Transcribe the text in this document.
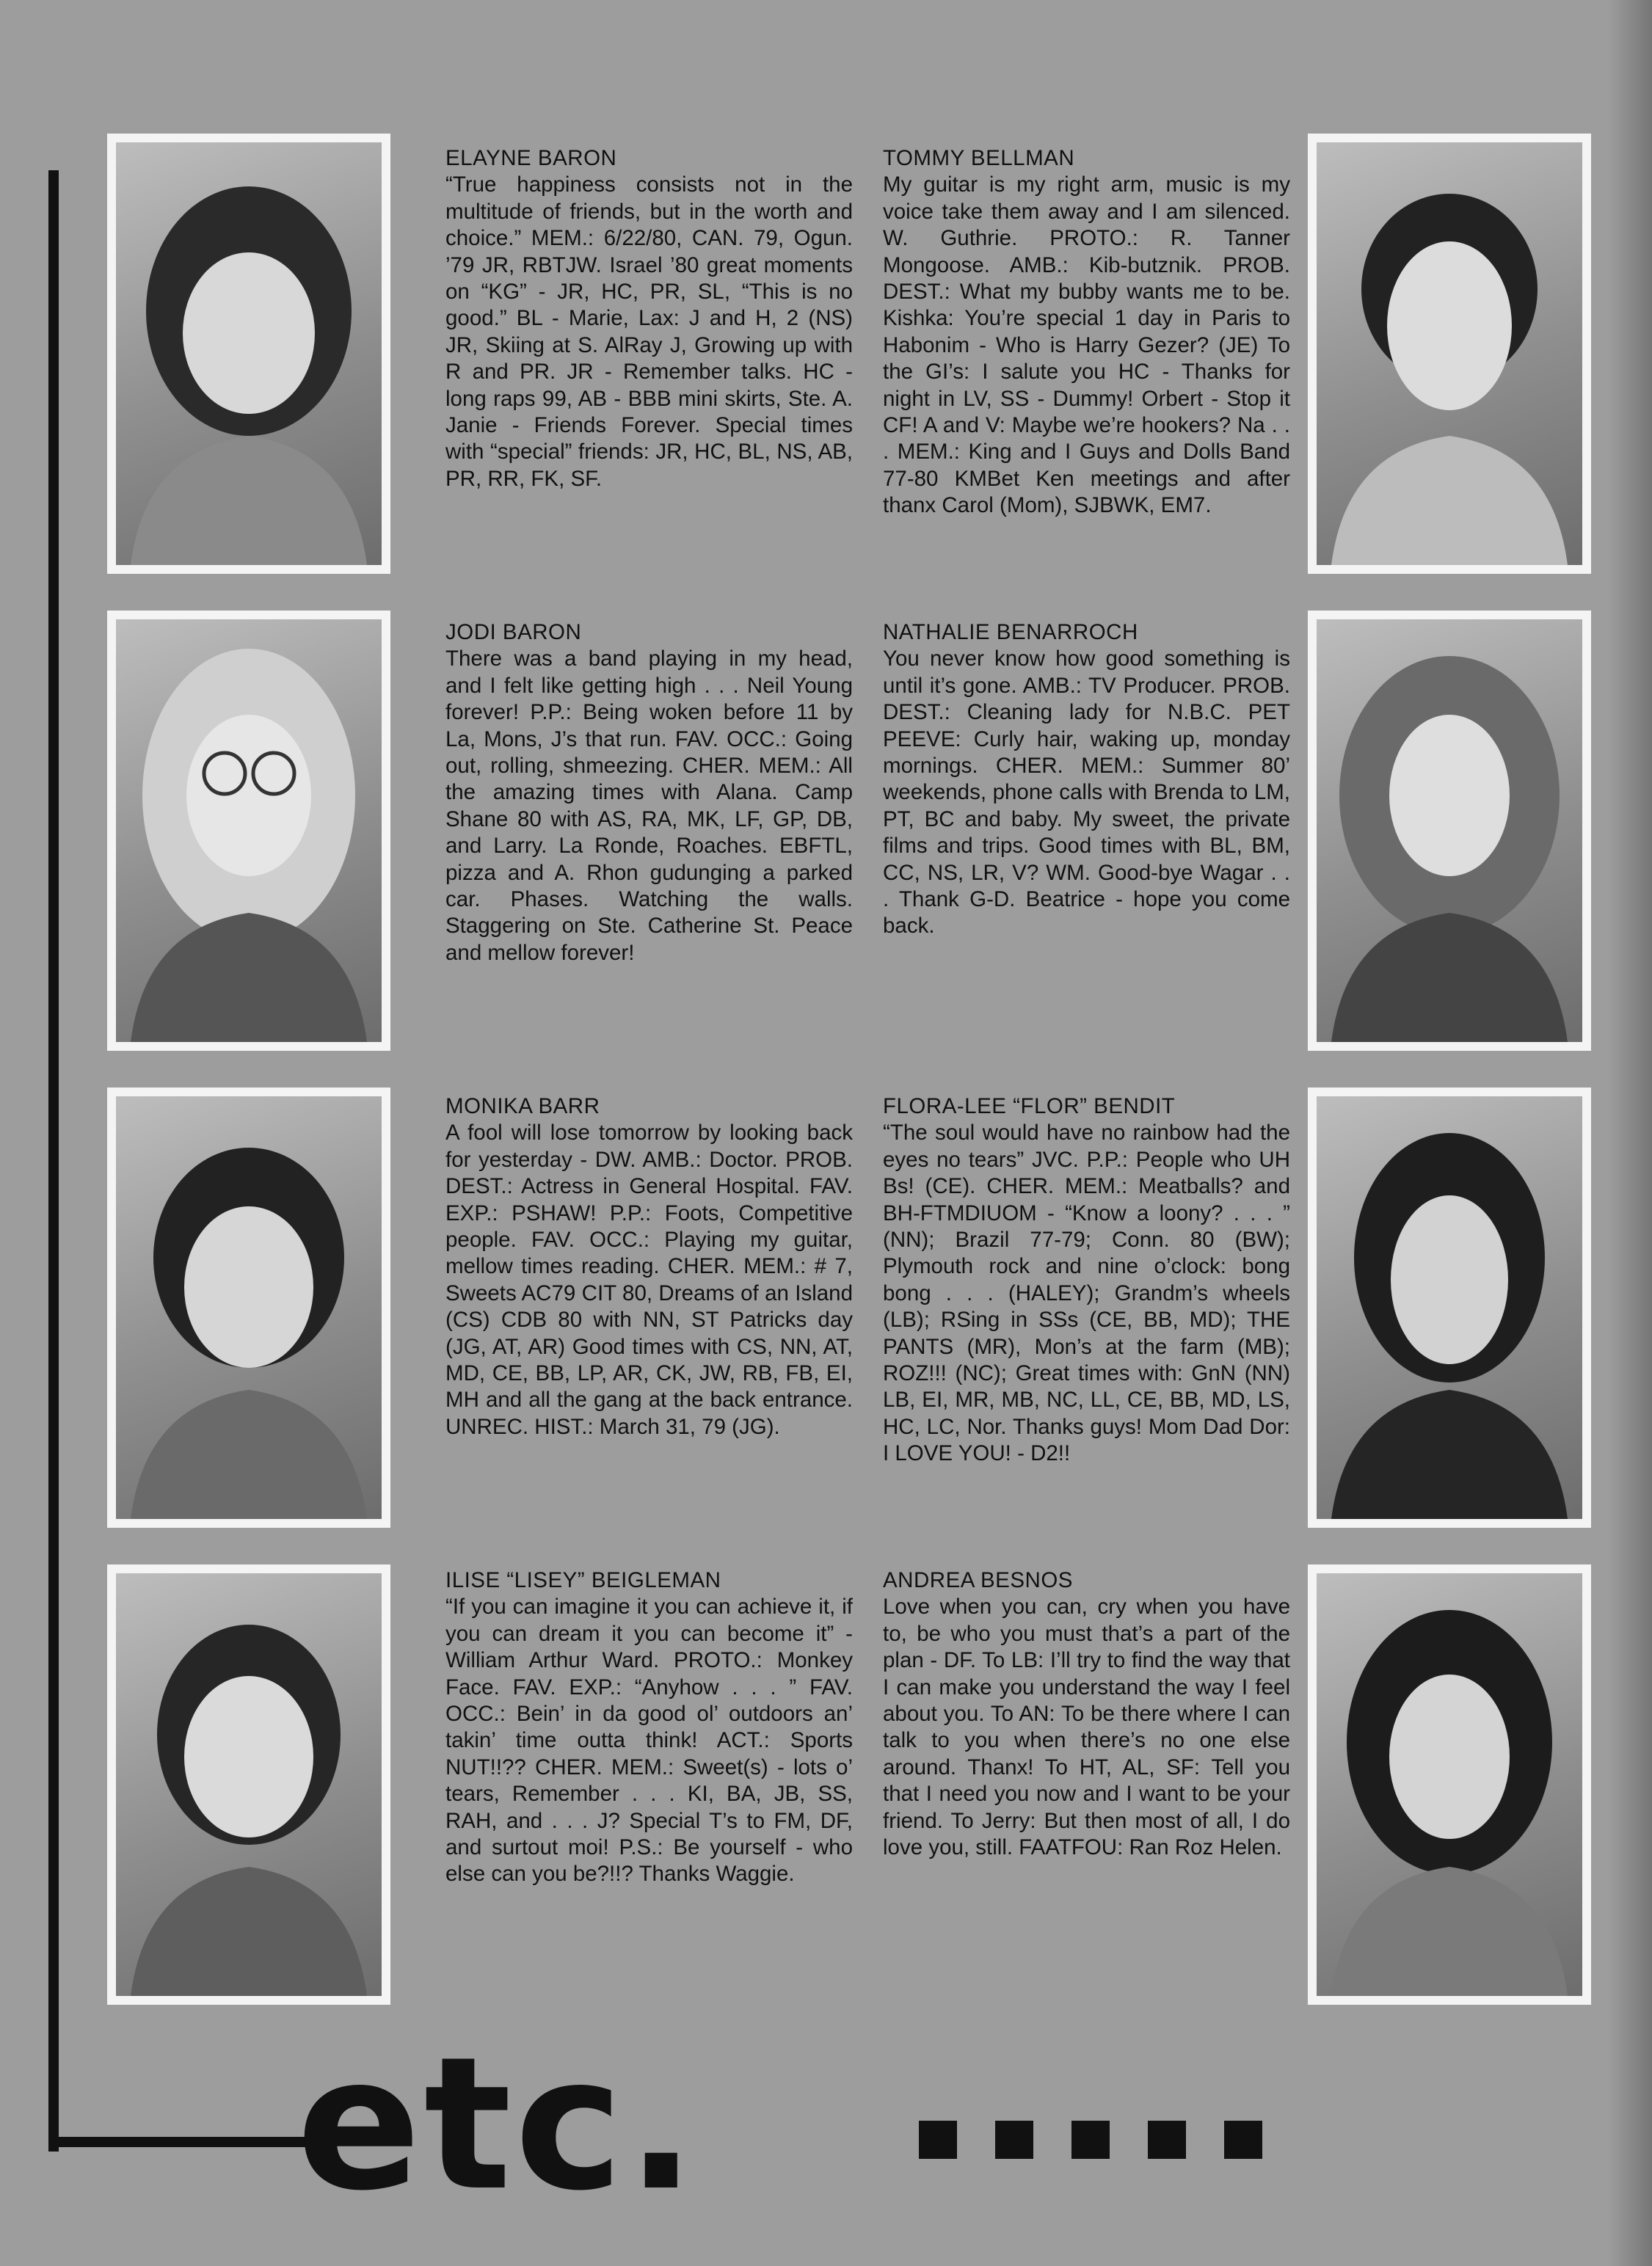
ELAYNE BARON
“True happiness consists not in the multitude of friends, but in the worth and choice.” MEM.: 6/22/80, CAN. 79, Ogun. ’79 JR, RBTJW. Israel ’80 great moments on “KG” - JR, HC, PR, SL, “This is no good.” BL - Marie, Lax: J and H, 2 (NS) JR, Skiing at S. AlRay J, Growing up with R and PR. JR - Remember talks. HC - long raps 99, AB - BBB mini skirts, Ste. A. Janie - Friends Forever. Special times with “special” friends: JR, HC, BL, NS, AB, PR, RR, FK, SF.
TOMMY BELLMAN
My guitar is my right arm, music is my voice take them away and I am silenced. W. Guthrie. PROTO.: R. Tanner Mongoose. AMB.: Kib-butznik. PROB. DEST.: What my bubby wants me to be. Kishka: You’re special 1 day in Paris to Habonim - Who is Harry Gezer? (JE) To the GI’s: I salute you HC - Thanks for night in LV, SS - Dummy! Orbert - Stop it CF! A and V: Maybe we’re hookers? Na . . . MEM.: King and I Guys and Dolls Band 77-80 KMBet Ken meetings and after thanx Carol (Mom), SJBWK, EM7.
JODI BARON
There was a band playing in my head, and I felt like getting high . . . Neil Young forever! P.P.: Being woken before 11 by La, Mons, J’s that run. FAV. OCC.: Going out, rolling, shmeezing. CHER. MEM.: All the amazing times with Alana. Camp Shane 80 with AS, RA, MK, LF, GP, DB, and Larry. La Ronde, Roaches. EBFTL, pizza and A. Rhon gudunging a parked car. Phases. Watching the walls. Staggering on Ste. Catherine St. Peace and mellow forever!
NATHALIE BENARROCH
You never know how good something is until it’s gone. AMB.: TV Producer. PROB. DEST.: Cleaning lady for N.B.C. PET PEEVE: Curly hair, waking up, monday mornings. CHER. MEM.: Summer 80’ weekends, phone calls with Brenda to LM, PT, BC and baby. My sweet, the private films and trips. Good times with BL, BM, CC, NS, LR, V? WM. Good-bye Wagar . . . Thank G-D. Beatrice - hope you come back.
MONIKA BARR
A fool will lose tomorrow by looking back for yesterday - DW. AMB.: Doctor. PROB. DEST.: Actress in General Hospital. FAV. EXP.: PSHAW! P.P.: Foots, Competitive people. FAV. OCC.: Playing my guitar, mellow times reading. CHER. MEM.: # 7, Sweets AC79 CIT 80, Dreams of an Island (CS) CDB 80 with NN, ST Patricks day (JG, AT, AR) Good times with CS, NN, AT, MD, CE, BB, LP, AR, CK, JW, RB, FB, EI, MH and all the gang at the back entrance. UNREC. HIST.: March 31, 79 (JG).
FLORA-LEE “FLOR” BENDIT
“The soul would have no rainbow had the eyes no tears” JVC. P.P.: People who UH Bs! (CE). CHER. MEM.: Meatballs? and BH-FTMDIUOM - “Know a loony? . . . ” (NN); Brazil 77-79; Conn. 80 (BW); Plymouth rock and nine o’clock: bong bong . . . (HALEY); Grandm’s wheels (LB); RSing in SSs (CE, BB, MD); THE PANTS (MR), Mon’s at the farm (MB); ROZ!!! (NC); Great times with: GnN (NN) LB, EI, MR, MB, NC, LL, CE, BB, MD, LS, HC, LC, Nor. Thanks guys! Mom Dad Dor: I LOVE YOU! - D2!!
ILISE “LISEY” BEIGLEMAN
“If you can imagine it you can achieve it, if you can dream it you can become it” - William Arthur Ward. PROTO.: Monkey Face. FAV. EXP.: “Anyhow . . . ” FAV. OCC.: Bein’ in da good ol’ outdoors an’ takin’ time outta think! ACT.: Sports NUT!!?? CHER. MEM.: Sweet(s) - lots o’ tears, Remember . . . KI, BA, JB, SS, RAH, and . . . J? Special T’s to FM, DF, and surtout moi! P.S.: Be yourself - who else can you be?!!? Thanks Waggie.
ANDREA BESNOS
Love when you can, cry when you have to, be who you must that’s a part of the plan - DF. To LB: I’ll try to find the way that I can make you understand the way I feel about you. To AN: To be there where I can talk to you when there’s no one else around. Thanx! To HT, AL, SF: Tell you that I need you now and I want to be your friend. To Jerry: But then most of all, I do love you, still. FAATFOU: Ran Roz Helen.
etc.
